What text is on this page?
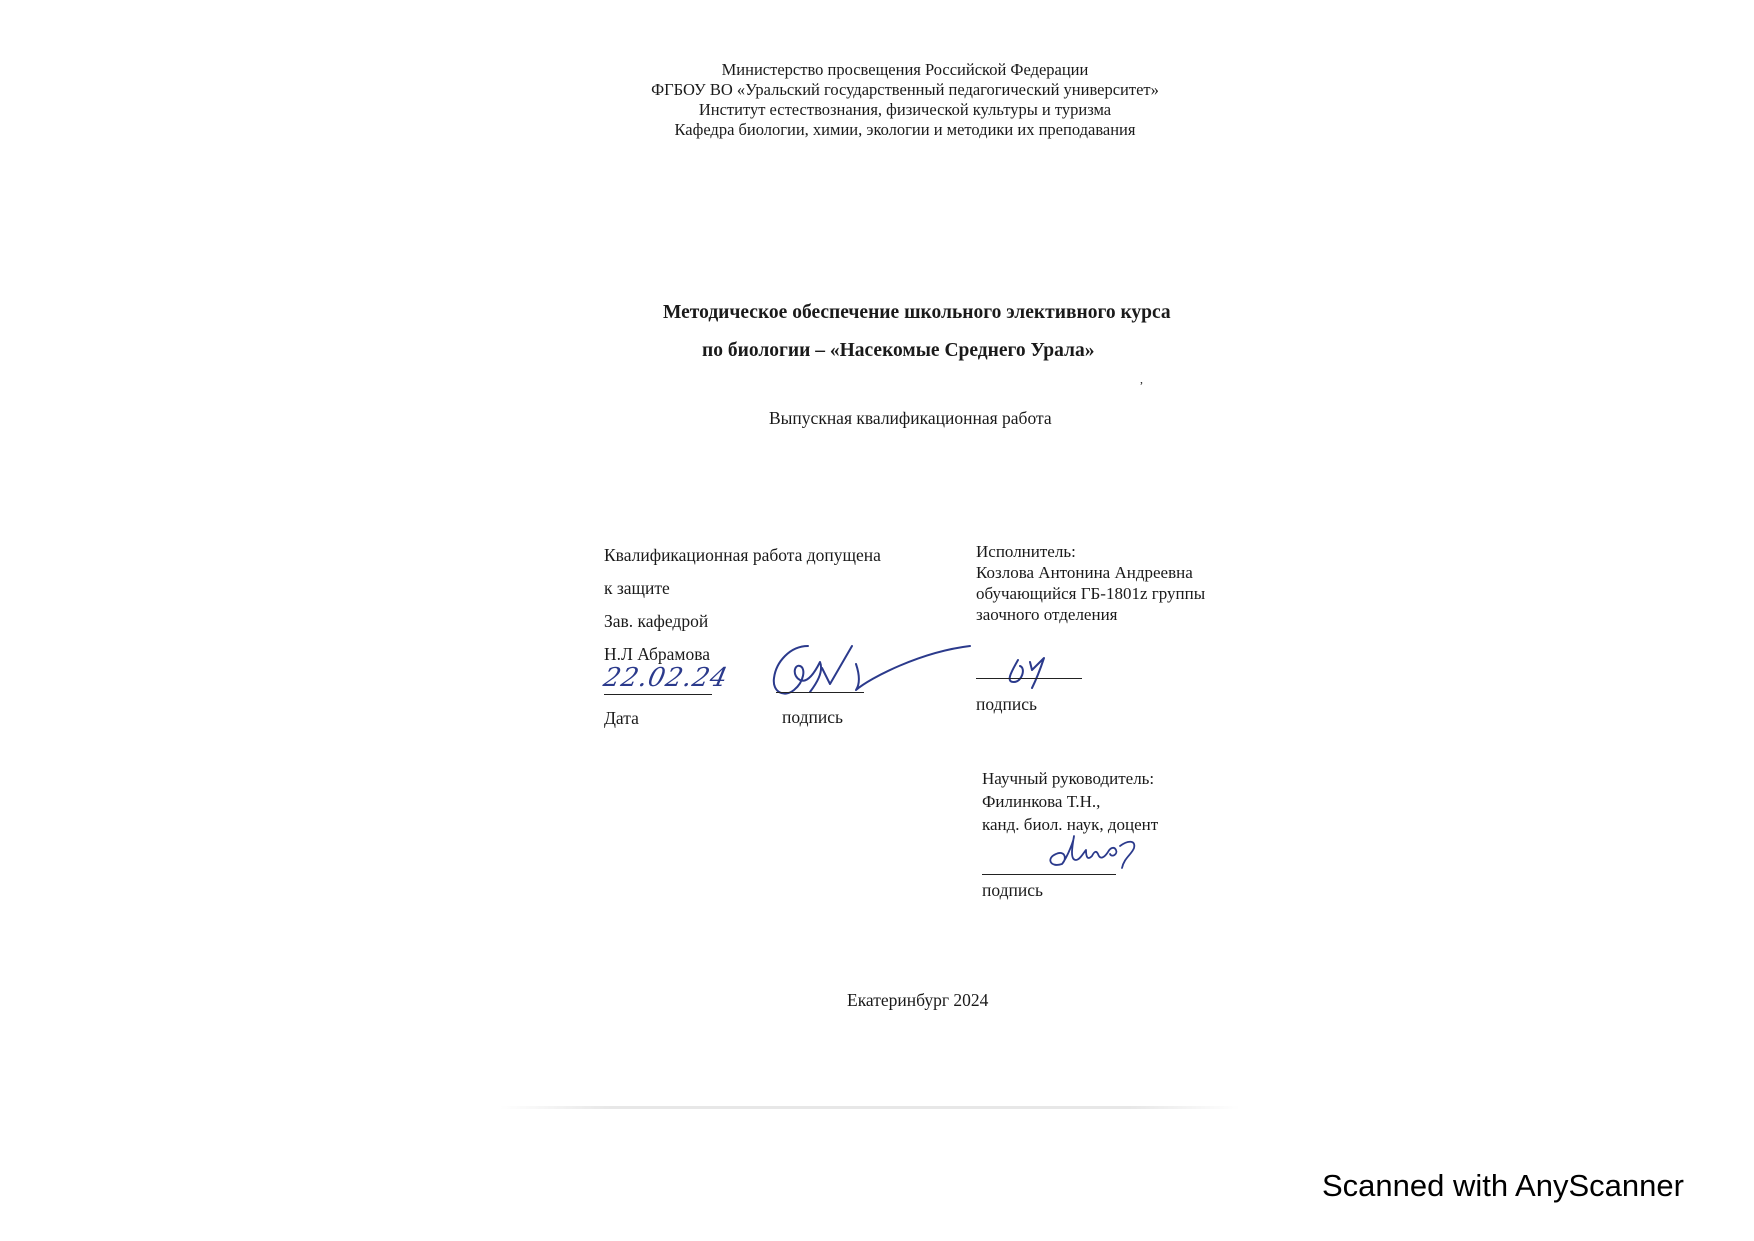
Министерство просвещения Российской Федерации
ФГБОУ ВО «Уральский государственный педагогический университет»
Институт естествознания, физической культуры и туризма
Кафедра биологии, химии, экологии и методики их преподавания
Методическое обеспечение школьного элективного курса
по биологии – «Насекомые Среднего Урала»
,
Выпускная квалификационная работа
Квалификационная работа допущена
к защите
Зав. кафедрой
Н.Л Абрамова
22.02.24
Дата	подпись
Исполнитель:
Козлова Антонина Андреевна
обучающийся ГБ-1801z группы
заочного отделения
подпись
Научный руководитель:
Филинкова Т.Н.,
канд. биол. наук, доцент
подпись
Екатеринбург 2024
Scanned with AnyScanner
